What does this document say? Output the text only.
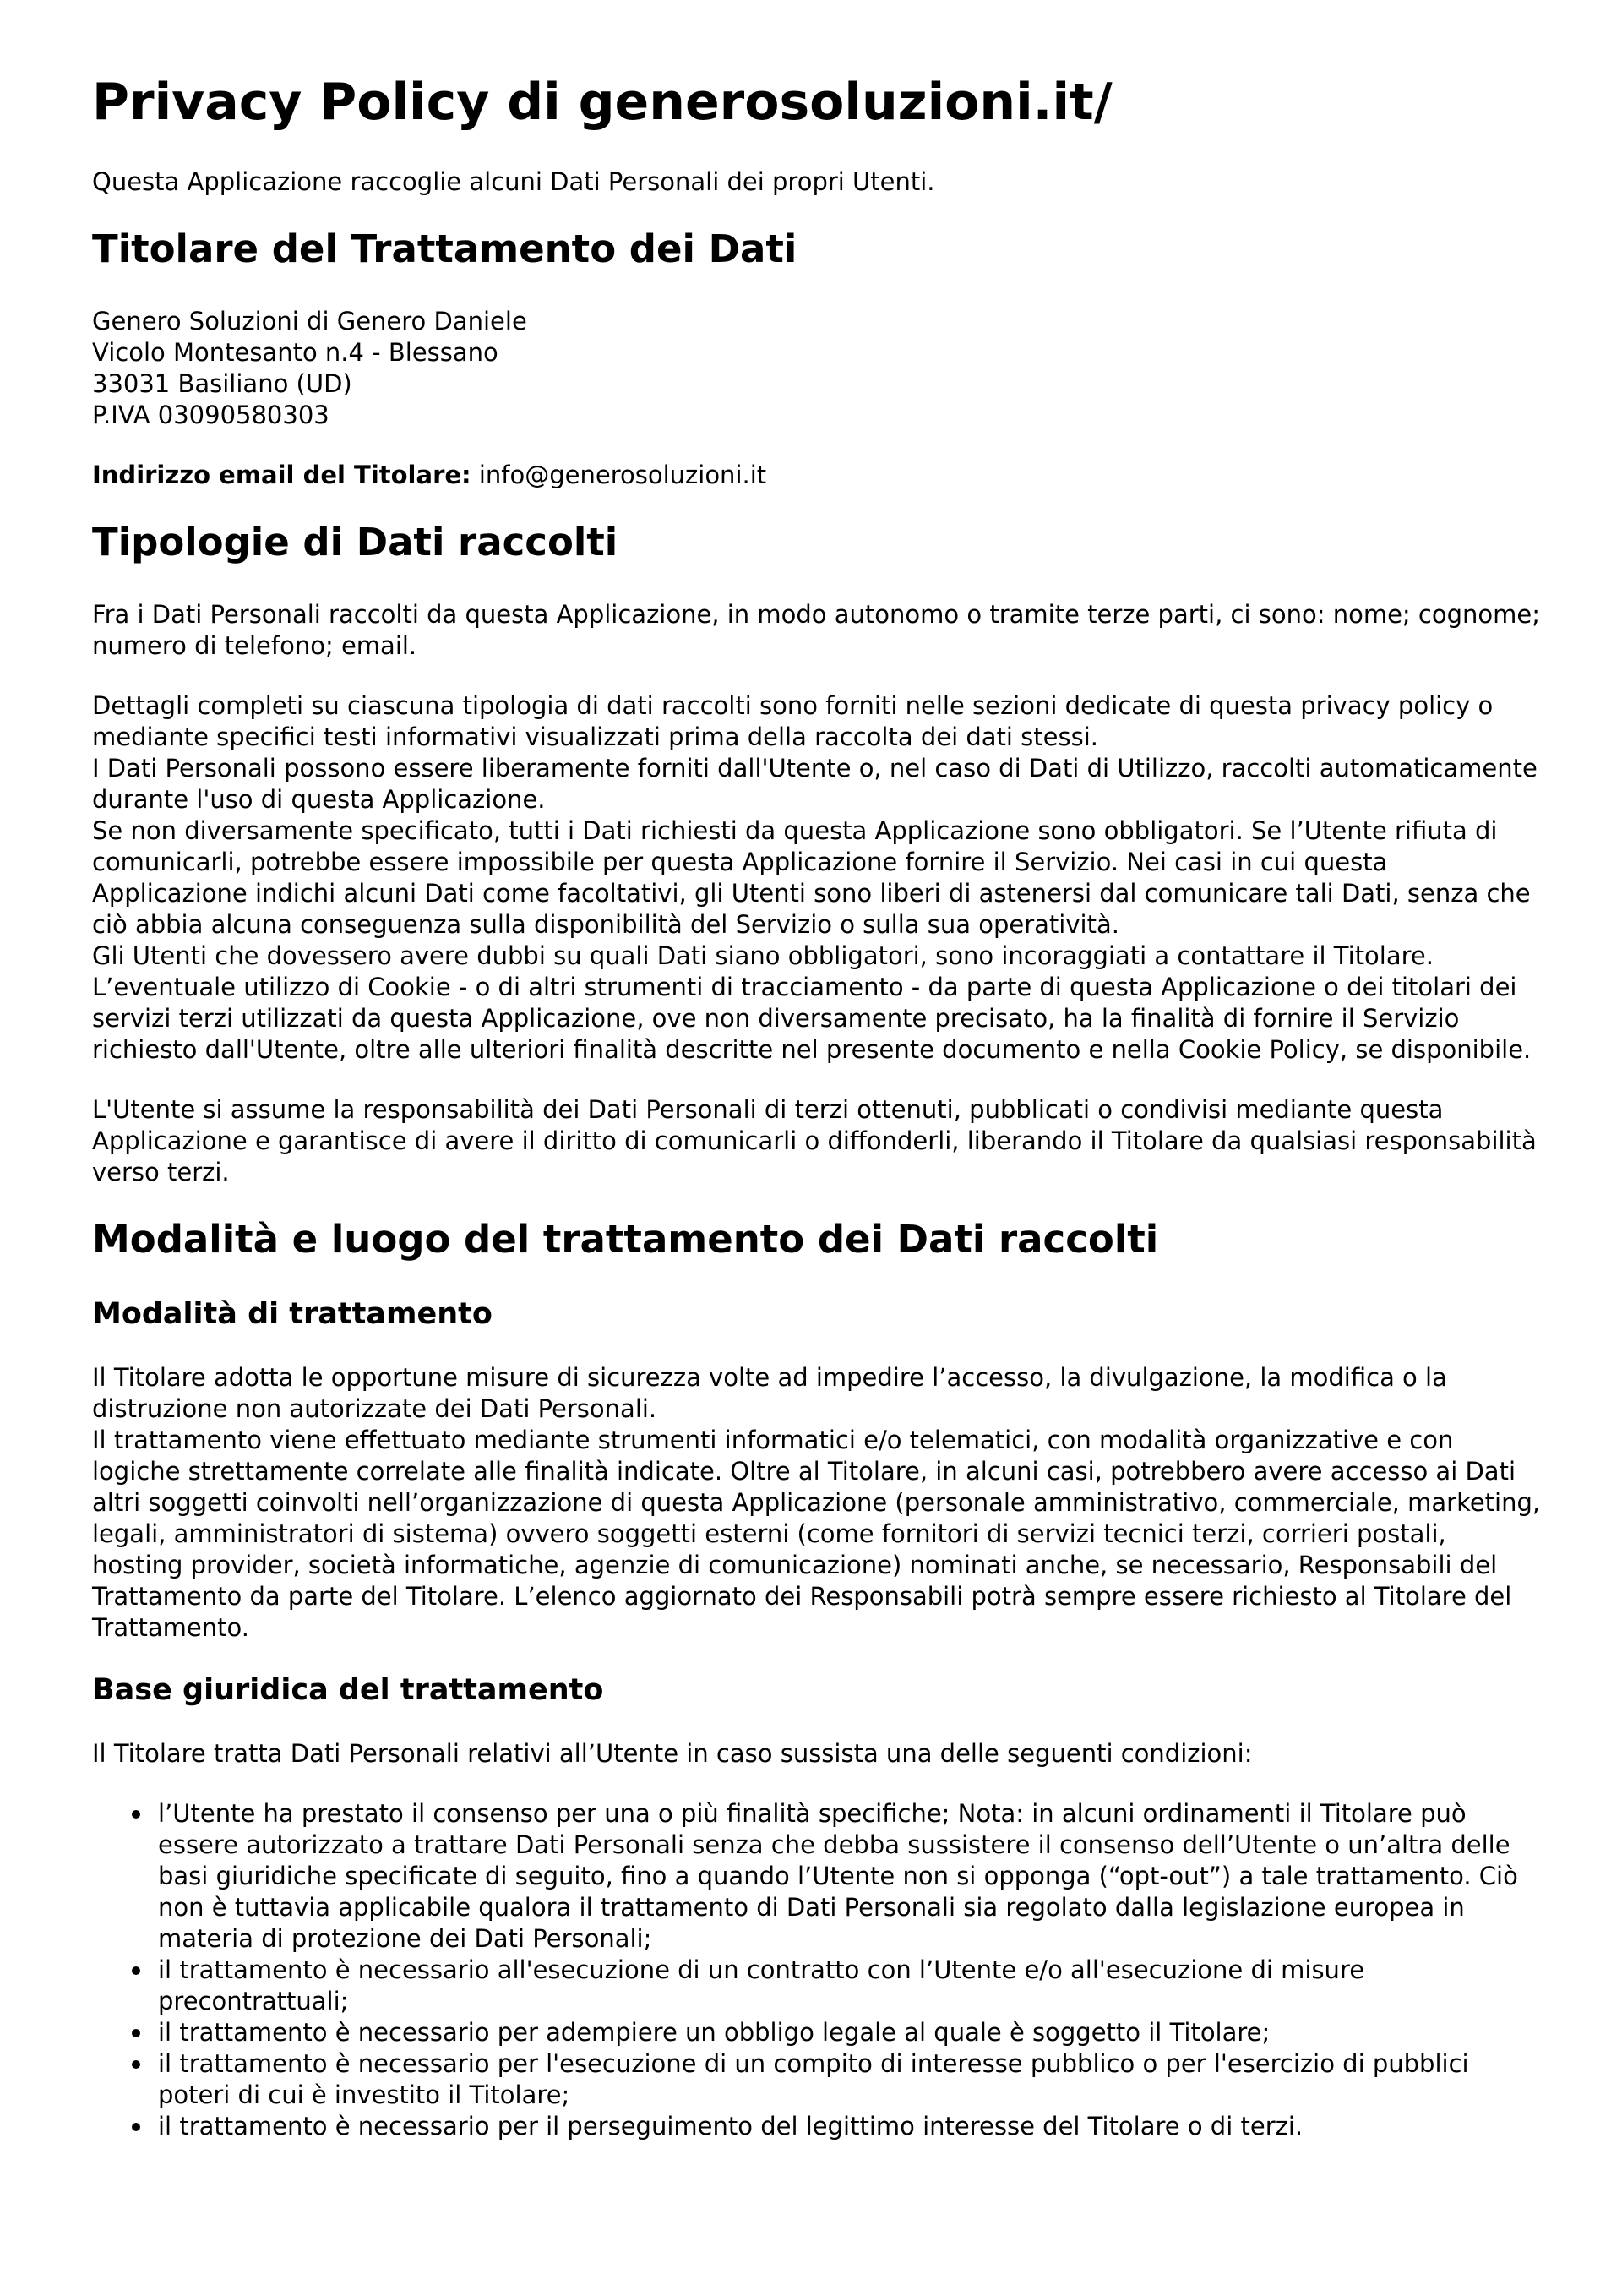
Privacy Policy di generosoluzioni.it/

Questa Applicazione raccoglie alcuni Dati Personali dei propri Utenti.

Titolare del Trattamento dei Dati

Genero Soluzioni di Genero Daniele
Vicolo Montesanto n.4 - Blessano
33031 Basiliano (UD)
P.IVA 03090580303

Indirizzo email del Titolare: info@generosoluzioni.it

Tipologie di Dati raccolti

Fra i Dati Personali raccolti da questa Applicazione, in modo autonomo o tramite terze parti, ci sono: nome; cognome; numero di telefono; email.

Dettagli completi su ciascuna tipologia di dati raccolti sono forniti nelle sezioni dedicate di questa privacy policy o mediante specifici testi informativi visualizzati prima della raccolta dei dati stessi.
I Dati Personali possono essere liberamente forniti dall'Utente o, nel caso di Dati di Utilizzo, raccolti automaticamente durante l'uso di questa Applicazione.
Se non diversamente specificato, tutti i Dati richiesti da questa Applicazione sono obbligatori. Se l’Utente rifiuta di comunicarli, potrebbe essere impossibile per questa Applicazione fornire il Servizio. Nei casi in cui questa Applicazione indichi alcuni Dati come facoltativi, gli Utenti sono liberi di astenersi dal comunicare tali Dati, senza che ciò abbia alcuna conseguenza sulla disponibilità del Servizio o sulla sua operatività.
Gli Utenti che dovessero avere dubbi su quali Dati siano obbligatori, sono incoraggiati a contattare il Titolare.
L’eventuale utilizzo di Cookie - o di altri strumenti di tracciamento - da parte di questa Applicazione o dei titolari dei servizi terzi utilizzati da questa Applicazione, ove non diversamente precisato, ha la finalità di fornire il Servizio richiesto dall'Utente, oltre alle ulteriori finalità descritte nel presente documento e nella Cookie Policy, se disponibile.

L'Utente si assume la responsabilità dei Dati Personali di terzi ottenuti, pubblicati o condivisi mediante questa Applicazione e garantisce di avere il diritto di comunicarli o diffonderli, liberando il Titolare da qualsiasi responsabilità verso terzi.

Modalità e luogo del trattamento dei Dati raccolti
Modalità di trattamento

Il Titolare adotta le opportune misure di sicurezza volte ad impedire l’accesso, la divulgazione, la modifica o la distruzione non autorizzate dei Dati Personali.
Il trattamento viene effettuato mediante strumenti informatici e/o telematici, con modalità organizzative e con logiche strettamente correlate alle finalità indicate. Oltre al Titolare, in alcuni casi, potrebbero avere accesso ai Dati altri soggetti coinvolti nell’organizzazione di questa Applicazione (personale amministrativo, commerciale, marketing, legali, amministratori di sistema) ovvero soggetti esterni (come fornitori di servizi tecnici terzi, corrieri postali, hosting provider, società informatiche, agenzie di comunicazione) nominati anche, se necessario, Responsabili del Trattamento da parte del Titolare. L’elenco aggiornato dei Responsabili potrà sempre essere richiesto al Titolare del Trattamento.

Base giuridica del trattamento

Il Titolare tratta Dati Personali relativi all’Utente in caso sussista una delle seguenti condizioni:

l’Utente ha prestato il consenso per una o più finalità specifiche; Nota: in alcuni ordinamenti il Titolare può essere autorizzato a trattare Dati Personali senza che debba sussistere il consenso dell’Utente o un’altra delle basi giuridiche specificate di seguito, fino a quando l’Utente non si opponga (“opt-out”) a tale trattamento. Ciò non è tuttavia applicabile qualora il trattamento di Dati Personali sia regolato dalla legislazione europea in materia di protezione dei Dati Personali;
il trattamento è necessario all'esecuzione di un contratto con l’Utente e/o all'esecuzione di misure precontrattuali;
il trattamento è necessario per adempiere un obbligo legale al quale è soggetto il Titolare;
il trattamento è necessario per l'esecuzione di un compito di interesse pubblico o per l'esercizio di pubblici poteri di cui è investito il Titolare;
il trattamento è necessario per il perseguimento del legittimo interesse del Titolare o di terzi.
